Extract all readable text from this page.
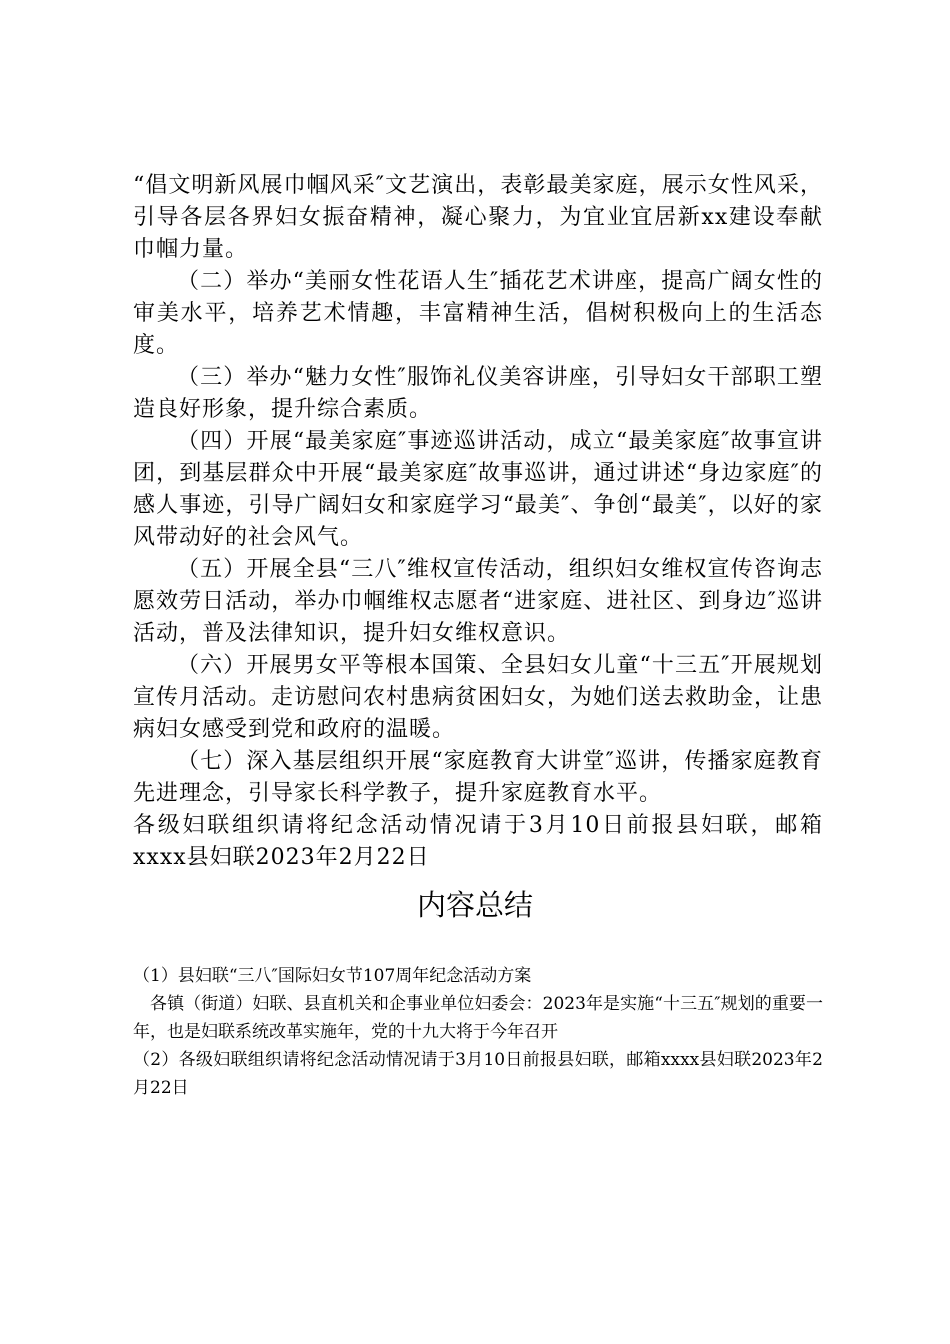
“倡文明新风展巾帼风采″文艺演出，表彰最美家庭，展示女性风采，引导各层各界妇女振奋精神，凝心聚力，为宜业宜居新xx建设奉献巾帼力量。

（二）举办“美丽女性花语人生″插花艺术讲座，提高广阔女性的审美水平，培养艺术情趣，丰富精神生活，倡树积极向上的生活态度。

（三）举办“魅力女性″服饰礼仪美容讲座，引导妇女干部职工塑造良好形象，提升综合素质。

（四）开展“最美家庭″事迹巡讲活动，成立“最美家庭″故事宣讲团，到基层群众中开展“最美家庭″故事巡讲，通过讲述“身边家庭″的感人事迹，引导广阔妇女和家庭学习“最美″、争创“最美″，以好的家风带动好的社会风气。

（五）开展全县“三八″维权宣传活动，组织妇女维权宣传咨询志愿效劳日活动，举办巾帼维权志愿者“进家庭、进社区、到身边″巡讲活动，普及法律知识，提升妇女维权意识。

（六）开展男女平等根本国策、全县妇女儿童“十三五″开展规划宣传月活动。走访慰问农村患病贫困妇女，为她们送去救助金，让患病妇女感受到党和政府的温暖。

（七）深入基层组织开展“家庭教育大讲堂″巡讲，传播家庭教育先进理念，引导家长科学教子，提升家庭教育水平。

各级妇联组织请将纪念活动情况请于3月10日前报县妇联，邮箱xxxx县妇联2023年2月22日

内容总结

（1）县妇联“三八″国际妇女节107周年纪念活动方案

各镇（街道）妇联、县直机关和企事业单位妇委会：2023年是实施“十三五″规划的重要一年，也是妇联系统改革实施年，党的十九大将于今年召开

（2）各级妇联组织请将纪念活动情况请于3月10日前报县妇联，邮箱xxxx县妇联2023年2月22日
